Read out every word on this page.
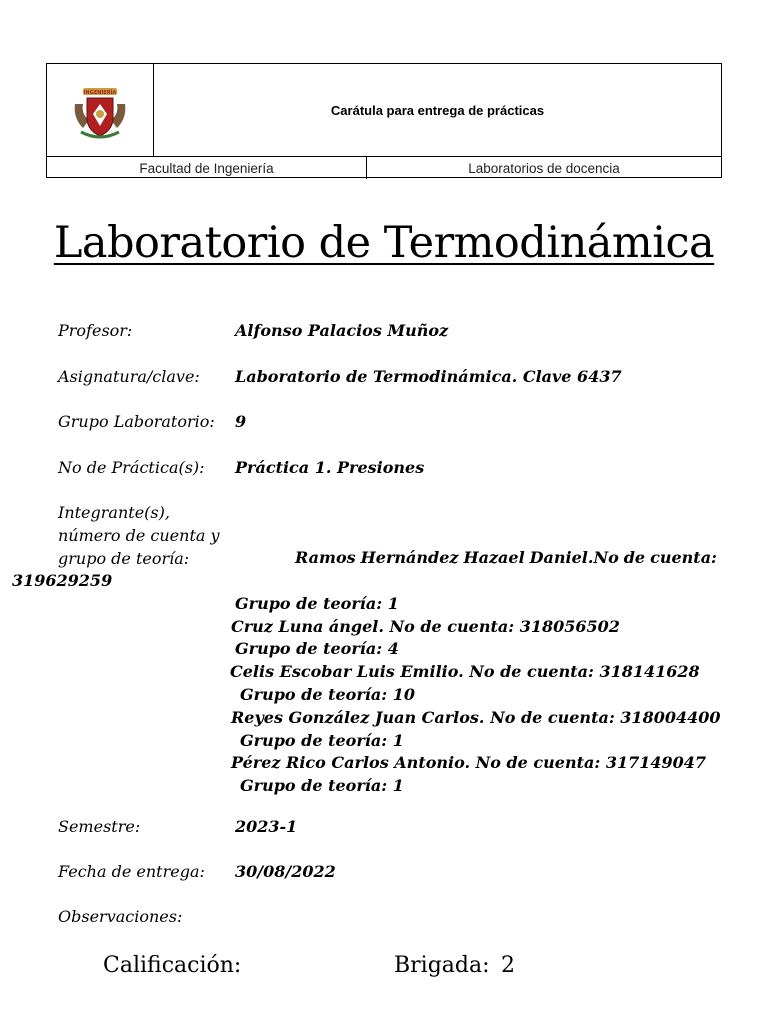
INGENIERÍA
Carátula para entrega de prácticas
Facultad de Ingeniería	Laboratorios de docencia
Laboratorio de Termodinámica
Profesor:	Alfonso Palacios Muñoz
Asignatura/clave: Laboratorio de Termodinámica. Clave 6437
Grupo Laboratorio: 9
No de Práctica(s): Práctica 1. Presiones
Integrante(s),
número de cuenta y
grupo de teoría:	Ramos Hernández Hazael Daniel.No de cuenta:
319629259
Grupo de teoría: 1
Cruz Luna ángel. No de cuenta: 318056502
Grupo de teoría: 4
Celis Escobar Luis Emilio. No de cuenta: 318141628
Grupo de teoría: 10
Reyes González Juan Carlos. No de cuenta: 318004400
Grupo de teoría: 1
Pérez Rico Carlos Antonio. No de cuenta: 317149047
Grupo de teoría: 1
Semestre:	2023-1
Fecha de entrega: 30/08/2022
Observaciones:
Calificación:	Brigada: 2
